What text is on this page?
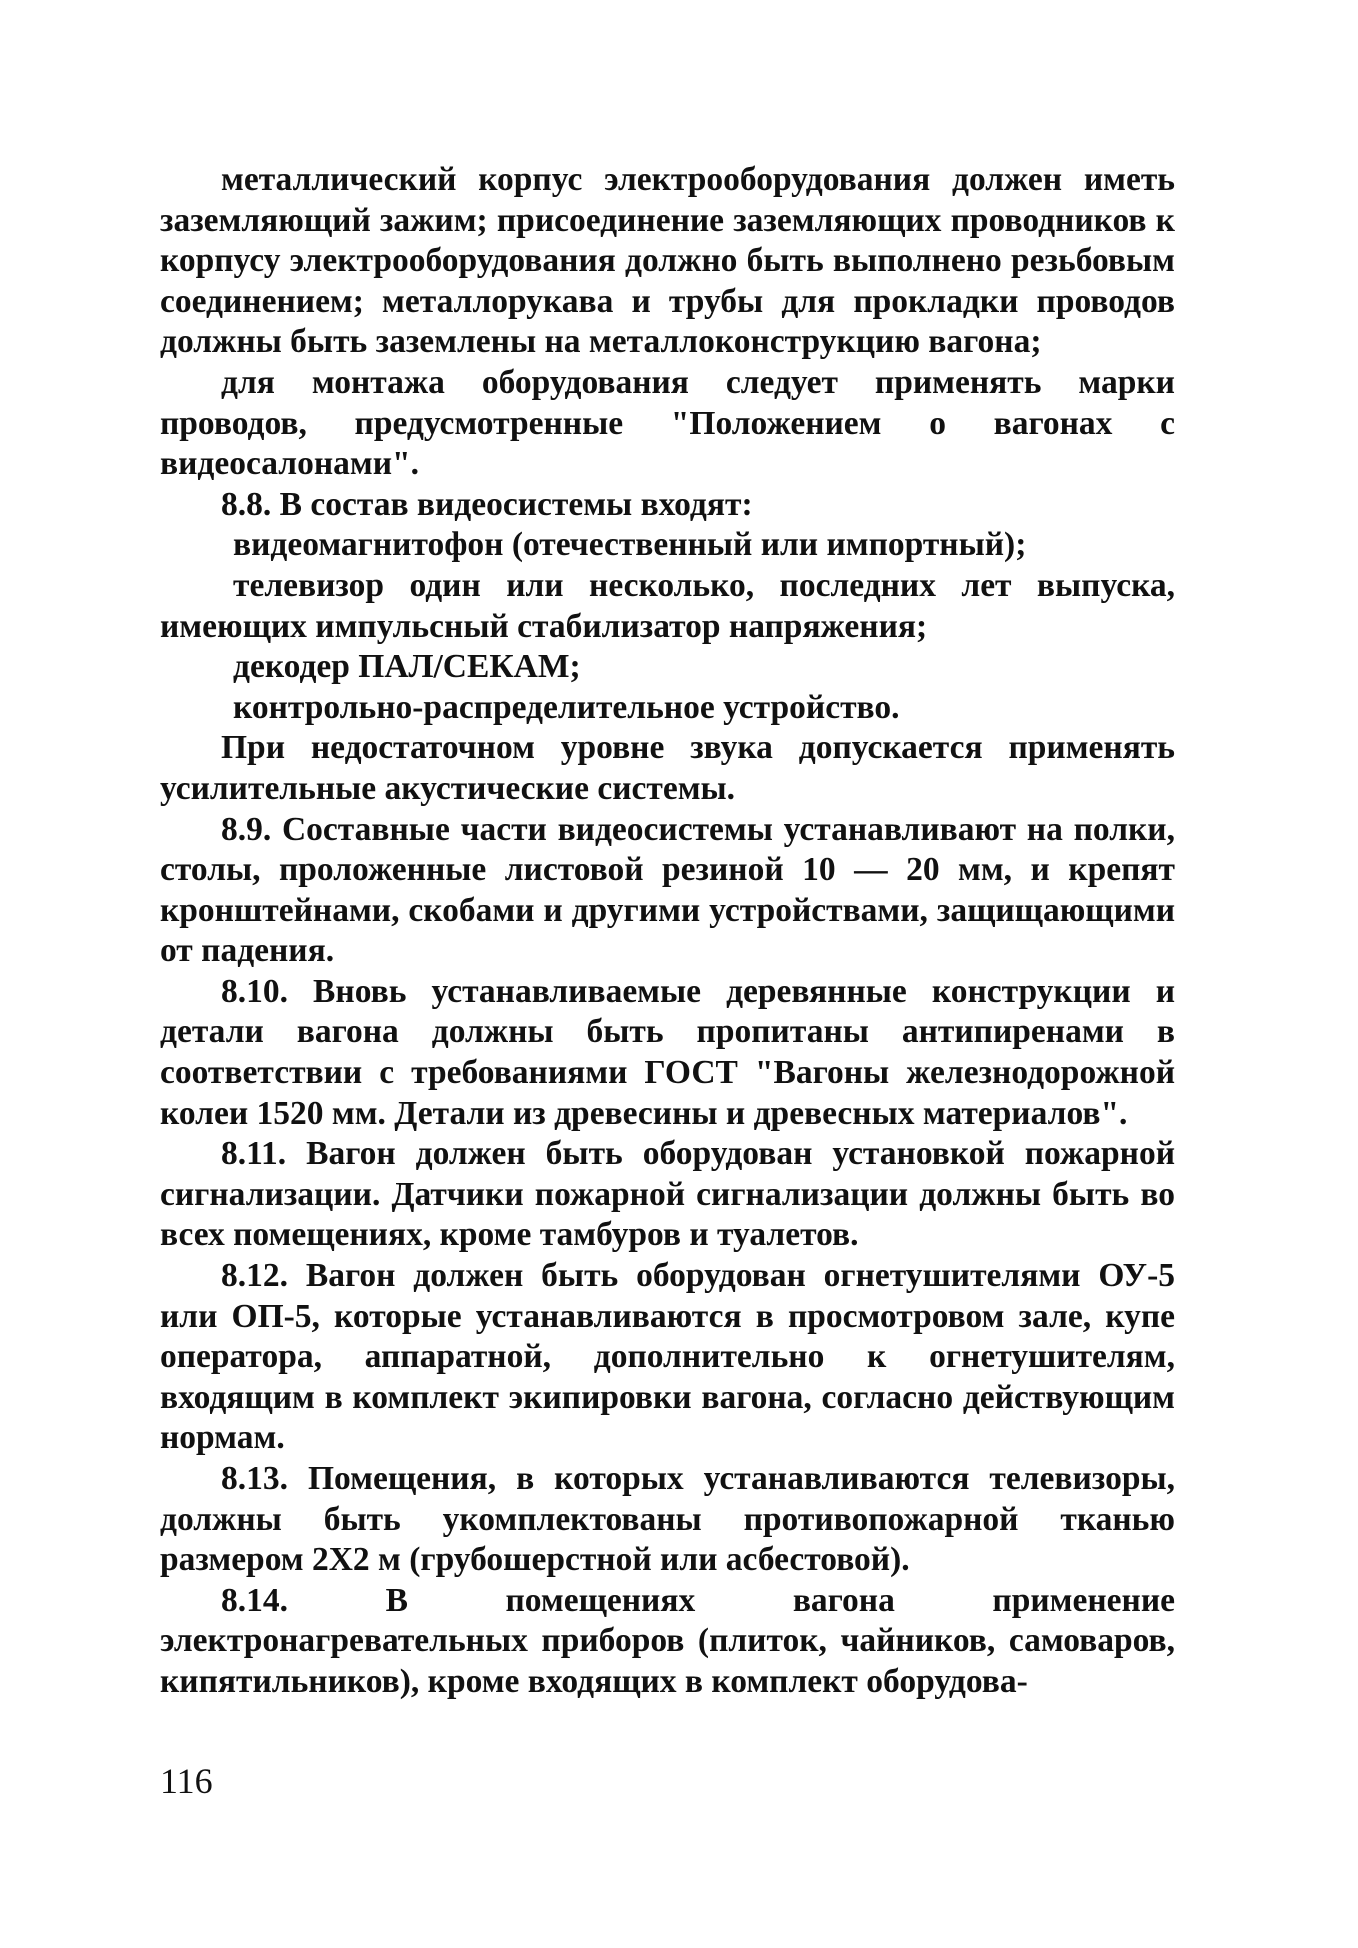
металлический корпус электрооборудования должен иметь заземляющий зажим; присоединение заземляющих проводников к корпусу электрооборудования должно быть выполнено резьбовым соединением; металлорукава и трубы для прокладки проводов должны быть заземлены на металлоконструкцию вагона;

для монтажа оборудования следует применять марки проводов, предусмотренные "Положением о вагонах с видеосалонами".

8.8. В состав видеосистемы входят:

видеомагнитофон (отечественный или импортный);

телевизор один или несколько, последних лет выпуска, имеющих импульсный стабилизатор напряжения;

декодер ПАЛ/СЕКАМ;

контрольно-распределительное устройство.

При недостаточном уровне звука допускается применять усилительные акустические системы.

8.9. Составные части видеосистемы устанавливают на полки, столы, проложенные листовой резиной 10 — 20 мм, и крепят кронштейнами, скобами и другими устройствами, защищающими от падения.

8.10. Вновь устанавливаемые деревянные конструкции и детали вагона должны быть пропитаны антипиренами в соответствии с требованиями ГОСТ "Вагоны железнодорожной колеи 1520 мм. Детали из древесины и древесных материалов".

8.11. Вагон должен быть оборудован установкой пожарной сигнализации. Датчики пожарной сигнализации должны быть во всех помещениях, кроме тамбуров и туалетов.

8.12. Вагон должен быть оборудован огнетушителями ОУ-5 или ОП-5, которые устанавливаются в просмотровом зале, купе оператора, аппаратной, дополнительно к огнетушителям, входящим в комплект экипировки вагона, согласно действующим нормам.

8.13. Помещения, в которых устанавливаются телевизоры, должны быть укомплектованы противопожарной тканью размером 2Х2 м (грубошерстной или асбестовой).

8.14. В помещениях вагона применение электронагревательных приборов (плиток, чайников, самоваров, кипятильников), кроме входящих в комплект оборудова-

116
